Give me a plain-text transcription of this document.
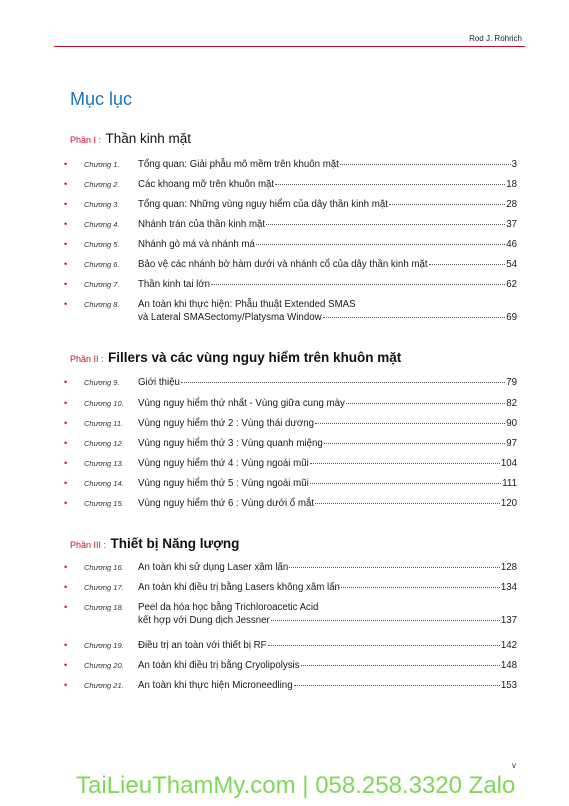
Rod J. Rohrich
Mục lục
Phần I : Thần kinh mặt
• Chương 1. Tổng quan: Giải phẫu mô mềm trên khuôn mặt	3
• Chương 2. Các khoang mỡ trên khuôn mặt	18
• Chương 3. Tổng quan: Những vùng nguy hiểm của dây thần kinh mặt	28
• Chương 4. Nhánh trán của thần kinh mặt	37
• Chương 5. Nhánh gò má và nhánh má	46
• Chương 6. Bảo vệ các nhánh bờ hàm dưới và nhánh cổ của dây thần kinh mặt	54
• Chương 7. Thần kinh tai lớn	62
• Chương 8. An toàn khi thực hiện: Phẫu thuật Extended SMAS
và Lateral SMASectomy/Platysma Window	69
Phần II : Fillers và các vùng nguy hiểm trên khuôn mặt
• Chương 9. Giới thiệu	79
• Chương 10. Vùng nguy hiểm thứ nhất - Vùng giữa cung mày	82
• Chương 11. Vùng nguy hiểm thứ 2 : Vùng thái dương	90
• Chương 12. Vùng nguy hiểm thứ 3 : Vùng quanh miệng	97
• Chương 13. Vùng nguy hiểm thứ 4 : Vùng ngoài mũi	104
• Chương 14. Vùng nguy hiểm thứ 5 : Vùng ngoài mũi	111
• Chương 15. Vùng nguy hiểm thứ 6 : Vùng dưới ổ mắt	120
Phần III : Thiết bị Năng lượng
• Chương 16. An toàn khi sử dụng Laser xâm lấn	128
• Chương 17. An toàn khi điều trị bằng Lasers không xâm lấn	134
• Chương 18. Peel da hóa học bằng Trichloroacetic Acid
kết hợp với Dung dịch Jessner	137
• Chương 19. Điều trị an toàn với thiết bị RF	142
• Chương 20. An toàn khi điều trị bằng Cryolipolysis	148
• Chương 21. An toàn khi thực hiện Microneedling	153
v
TaiLieuThamMy.com | 058.258.3320 Zalo
